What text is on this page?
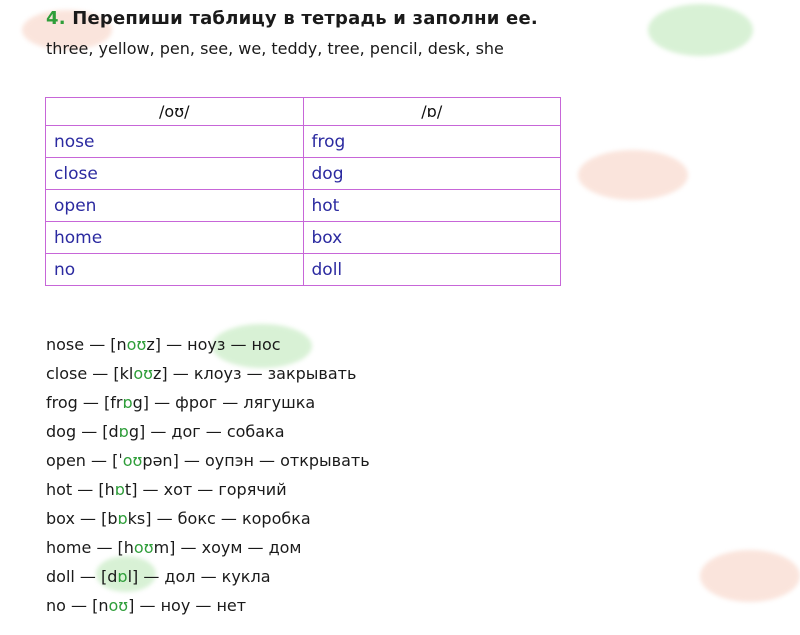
4. Перепиши таблицу в тетрадь и заполни ее.
three, yellow, pen, see, we, teddy, tree, pencil, desk, she
/oʊ/	/ɒ/
nose	frog
close	dog
open	hot
home	box
no	doll
nose — [noʊz] — ноуз — нос
close — [kloʊz] — клоуз — закрывать
frog — [frɒg] — фрог — лягушка
dog — [dɒg] — дог — собака
open — [ˈoʊpən] — оупэн — открывать
hot — [hɒt] — хот — горячий
box — [bɒks] — бокс — коробка
home — [hoʊm] — хоум — дом
doll — [dɒl] — дол — кукла
no — [noʊ] — ноу — нет
